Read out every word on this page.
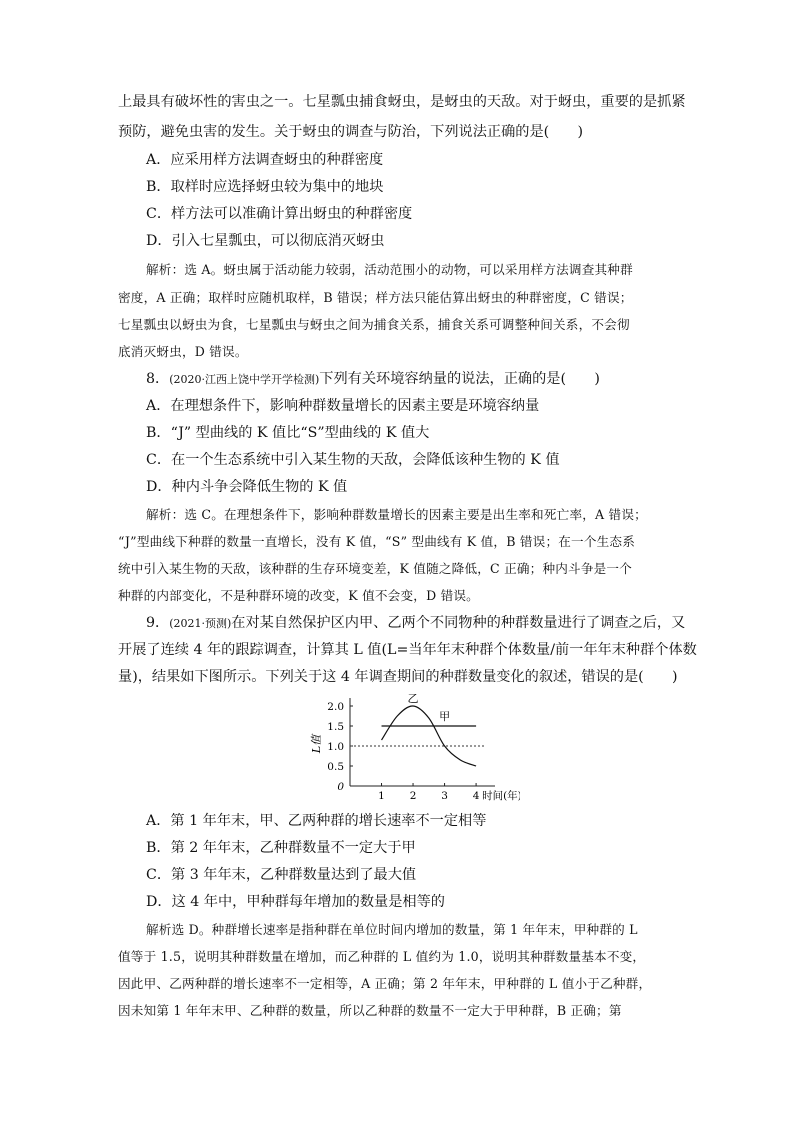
上最具有破坏性的害虫之一。七星瓢虫捕食蚜虫，是蚜虫的天敌。对于蚜虫，重要的是抓紧
预防，避免虫害的发生。关于蚜虫的调查与防治，下列说法正确的是(　　)
A．应采用样方法调查蚜虫的种群密度
B．取样时应选择蚜虫较为集中的地块
C．样方法可以准确计算出蚜虫的种群密度
D．引入七星瓢虫，可以彻底消灭蚜虫
解析：选 A。蚜虫属于活动能力较弱，活动范围小的动物，可以采用样方法调查其种群
密度，A 正确；取样时应随机取样，B 错误；样方法只能估算出蚜虫的种群密度，C 错误；
七星瓢虫以蚜虫为食，七星瓢虫与蚜虫之间为捕食关系，捕食关系可调整种间关系，不会彻
底消灭蚜虫，D 错误。
8．(2020·江西上饶中学开学检测)下列有关环境容纳量的说法，正确的是(　　)
A．在理想条件下，影响种群数量增长的因素主要是环境容纳量
B．“J” 型曲线的 K 值比“S”型曲线的 K 值大
C．在一个生态系统中引入某生物的天敌，会降低该种生物的 K 值
D．种内斗争会降低生物的 K 值
解析：选 C。在理想条件下，影响种群数量增长的因素主要是出生率和死亡率，A 错误；
“J”型曲线下种群的数量一直增长，没有 K 值，“S” 型曲线有 K 值，B 错误；在一个生态系
统中引入某生物的天敌，该种群的生存环境变差，K 值随之降低，C 正确；种内斗争是一个
种群的内部变化，不是种群环境的改变，K 值不会变，D 错误。
9．(2021·预测)在对某自然保护区内甲、乙两个不同物种的种群数量进行了调查之后，又
开展了连续 4 年的跟踪调查，计算其 L 值(L=当年年末种群个体数量/前一年年末种群个体数
量)，结果如下图所示。下列关于这 4 年调查期间的种群数量变化的叙述，错误的是(　　)
L值
2.0
1.5
1.0
0.5
0
1 2 3 4 时间(年)
甲
乙
A．第 1 年年末，甲、乙两种群的增长速率不一定相等
B．第 2 年年末，乙种群数量不一定大于甲
C．第 3 年年末，乙种群数量达到了最大值
D．这 4 年中，甲种群每年增加的数量是相等的
解析选 D。种群增长速率是指种群在单位时间内增加的数量，第 1 年年末，甲种群的 L
值等于 1.5，说明其种群数量在增加，而乙种群的 L 值约为 1.0，说明其种群数量基本不变，
因此甲、乙两种群的增长速率不一定相等，A 正确；第 2 年年末，甲种群的 L 值小于乙种群，
因未知第 1 年年末甲、乙种群的数量，所以乙种群的数量不一定大于甲种群，B 正确；第
